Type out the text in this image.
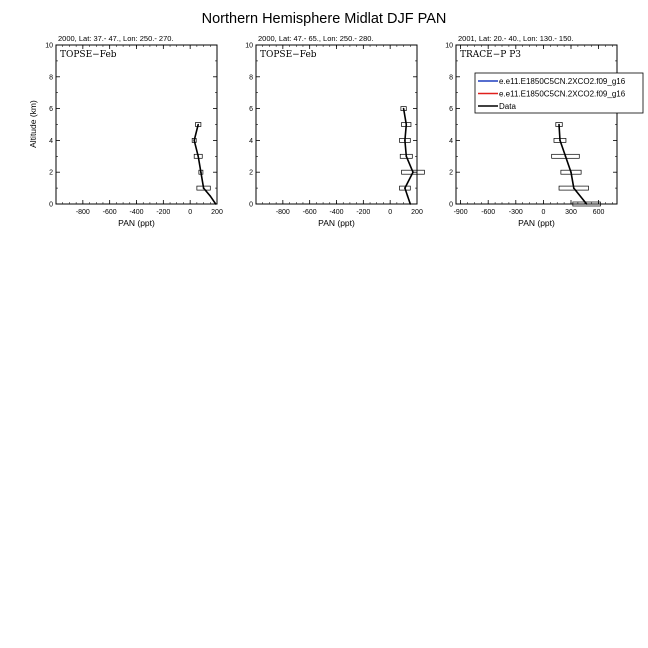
Northern Hemisphere Midlat DJF PAN
Altitude (km)
2000, Lat: 37.- 47., Lon: 250.- 270.
TOPSE−Feb
0
2
4
6
8
10
-800 -600 -400 -200	0	200
PAN (ppt)
2000, Lat: 47.- 65., Lon: 250.- 280.
TOPSE−Feb
0
2
4
6
8
10
-800 -600 -400 -200	0	200
PAN (ppt)
2001, Lat: 20.- 40., Lon: 130.- 150.
TRACE−P P3
0
2
4
6
8
10
-900 -600 -300	0	300 600
PAN (ppt)
e.e11.E1850C5CN.2XCO2.f09_g16
e.e11.E1850C5CN.2XCO2.f09_g16
Data
